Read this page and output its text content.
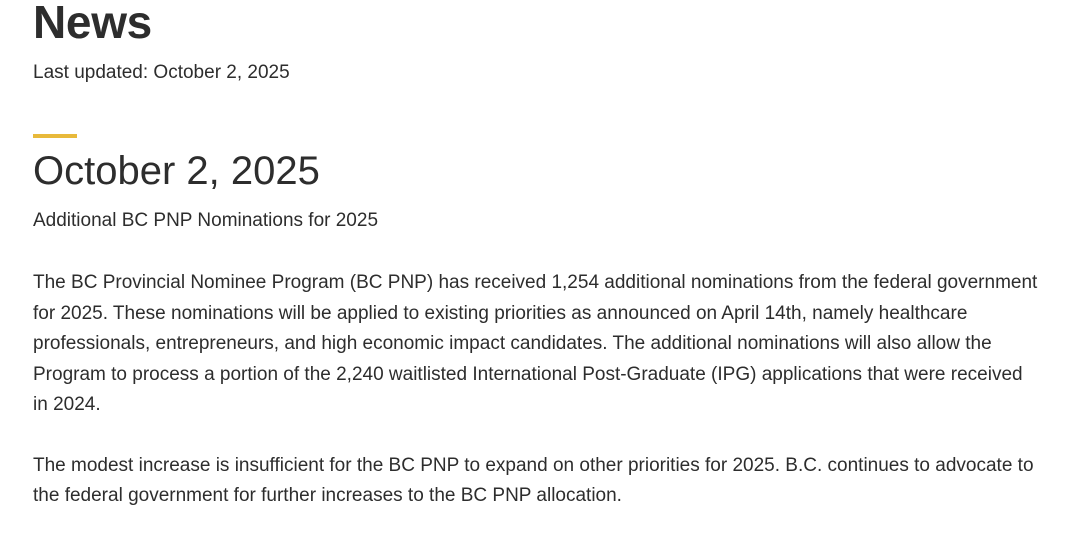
News

Last updated: October 2, 2025

October 2, 2025

Additional BC PNP Nominations for 2025

The BC Provincial Nominee Program (BC PNP) has received 1,254 additional nominations from the federal government for 2025. These nominations will be applied to existing priorities as announced on April 14th, namely healthcare professionals, entrepreneurs, and high economic impact candidates. The additional nominations will also allow the Program to process a portion of the 2,240 waitlisted International Post-Graduate (IPG) applications that were received in 2024.

The modest increase is insufficient for the BC PNP to expand on other priorities for 2025. B.C. continues to advocate to the federal government for further increases to the BC PNP allocation.
